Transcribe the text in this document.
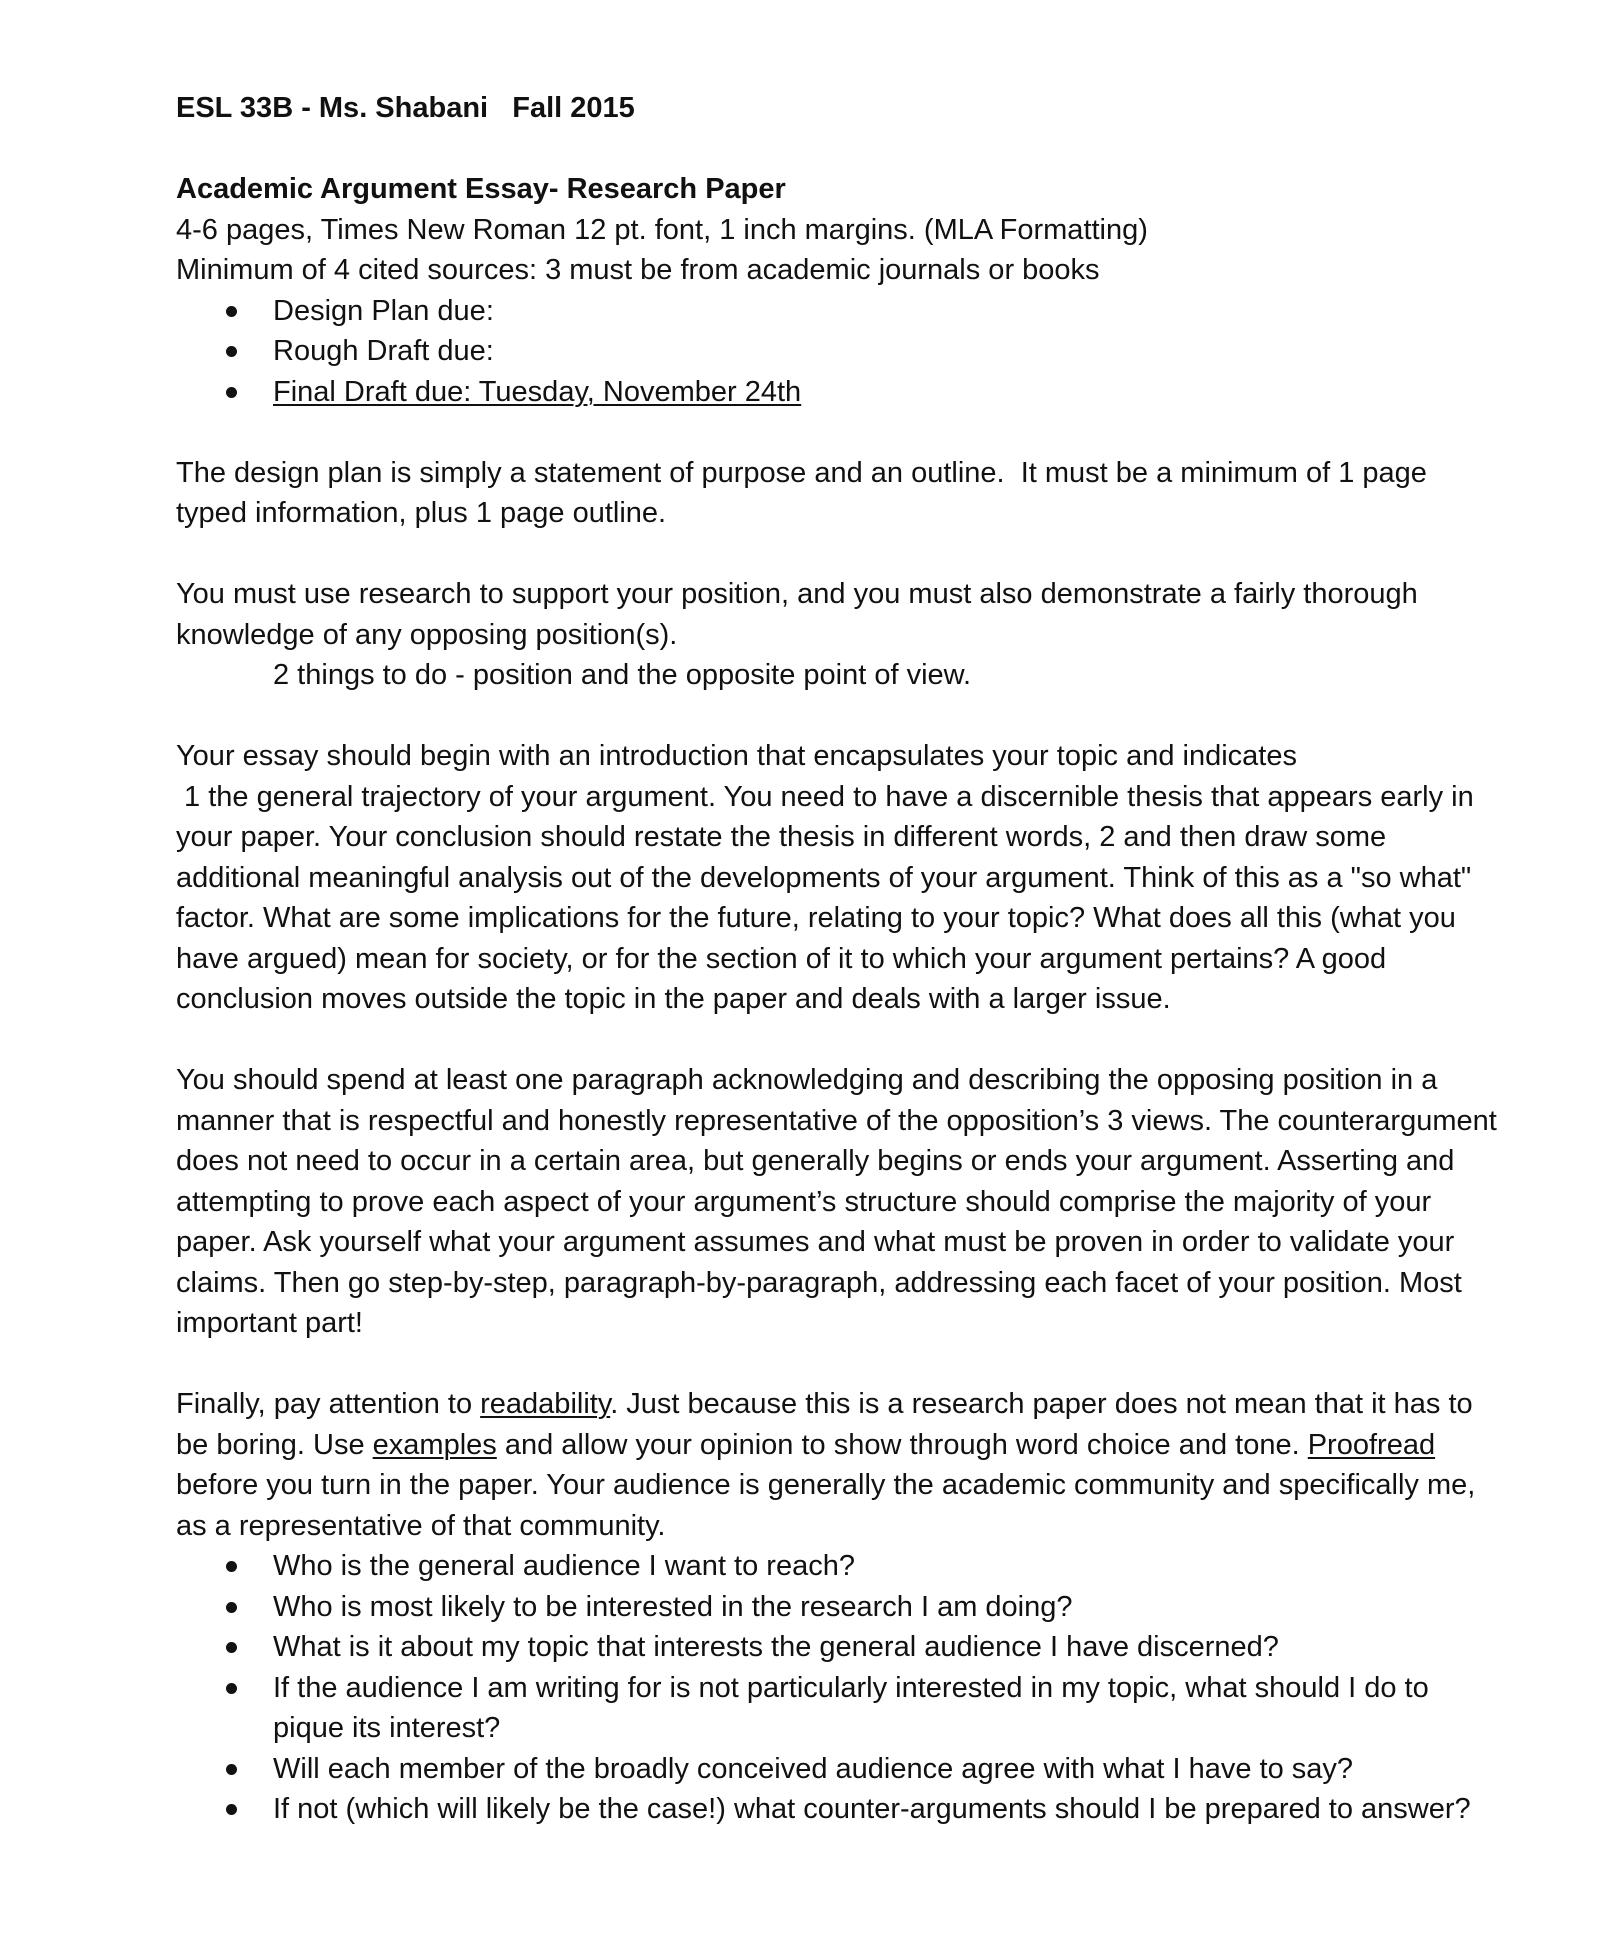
ESL 33B - Ms. Shabani   Fall 2015
Academic Argument Essay- Research Paper
4-6 pages, Times New Roman 12 pt. font, 1 inch margins. (MLA Formatting)
Minimum of 4 cited sources: 3 must be from academic journals or books
Design Plan due:
Rough Draft due:
Final Draft due: Tuesday, November 24th
The design plan is simply a statement of purpose and an outline.  It must be a minimum of 1 page
typed information, plus 1 page outline.
You must use research to support your position, and you must also demonstrate a fairly thorough
knowledge of any opposing position(s).
2 things to do - position and the opposite point of view.
Your essay should begin with an introduction that encapsulates your topic and indicates
1 the general trajectory of your argument. You need to have a discernible thesis that appears early in
your paper. Your conclusion should restate the thesis in different words, 2 and then draw some
additional meaningful analysis out of the developments of your argument. Think of this as a "so what"
factor. What are some implications for the future, relating to your topic? What does all this (what you
have argued) mean for society, or for the section of it to which your argument pertains? A good
conclusion moves outside the topic in the paper and deals with a larger issue.
You should spend at least one paragraph acknowledging and describing the opposing position in a
manner that is respectful and honestly representative of the opposition’s 3 views. The counterargument
does not need to occur in a certain area, but generally begins or ends your argument. Asserting and
attempting to prove each aspect of your argument’s structure should comprise the majority of your
paper. Ask yourself what your argument assumes and what must be proven in order to validate your
claims. Then go step-by-step, paragraph-by-paragraph, addressing each facet of your position. Most
important part!
Finally, pay attention to readability. Just because this is a research paper does not mean that it has to
be boring. Use examples and allow your opinion to show through word choice and tone. Proofread
before you turn in the paper. Your audience is generally the academic community and specifically me,
as a representative of that community.
Who is the general audience I want to reach?
Who is most likely to be interested in the research I am doing?
What is it about my topic that interests the general audience I have discerned?
If the audience I am writing for is not particularly interested in my topic, what should I do to
pique its interest?
Will each member of the broadly conceived audience agree with what I have to say?
If not (which will likely be the case!) what counter-arguments should I be prepared to answer?
